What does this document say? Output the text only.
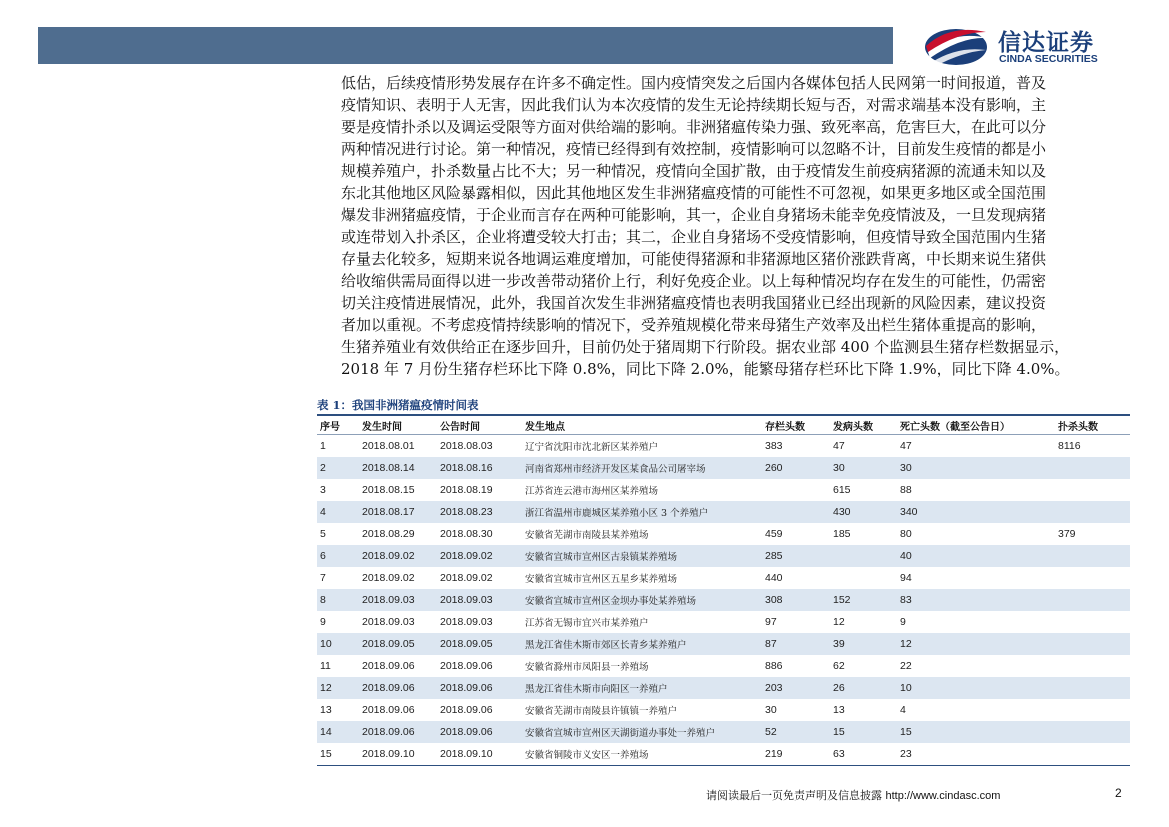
信达证券
CINDA SECURITIES
低估，后续疫情形势发展存在许多不确定性。国内疫情突发之后国内各媒体包括人民网第一时间报道，普及
疫情知识、表明于人无害，因此我们认为本次疫情的发生无论持续期长短与否，对需求端基本没有影响，主
要是疫情扑杀以及调运受限等方面对供给端的影响。非洲猪瘟传染力强、致死率高，危害巨大，在此可以分
两种情况进行讨论。第一种情况，疫情已经得到有效控制，疫情影响可以忽略不计，目前发生疫情的都是小
规模养殖户，扑杀数量占比不大；另一种情况，疫情向全国扩散，由于疫情发生前疫病猪源的流通未知以及
东北其他地区风险暴露相似，因此其他地区发生非洲猪瘟疫情的可能性不可忽视，如果更多地区或全国范围
爆发非洲猪瘟疫情，于企业而言存在两种可能影响，其一，企业自身猪场未能幸免疫情波及，一旦发现病猪
或连带划入扑杀区，企业将遭受较大打击；其二，企业自身猪场不受疫情影响，但疫情导致全国范围内生猪
存量去化较多，短期来说各地调运难度增加，可能使得猪源和非猪源地区猪价涨跌背离，中长期来说生猪供
给收缩供需局面得以进一步改善带动猪价上行，利好免疫企业。以上每种情况均存在发生的可能性，仍需密
切关注疫情进展情况，此外，我国首次发生非洲猪瘟疫情也表明我国猪业已经出现新的风险因素，建议投资
者加以重视。不考虑疫情持续影响的情况下，受养殖规模化带来母猪生产效率及出栏生猪体重提高的影响，
生猪养殖业有效供给正在逐步回升，目前仍处于猪周期下行阶段。据农业部 400 个监测县生猪存栏数据显示，
2018 年 7 月份生猪存栏环比下降 0.8%，同比下降 2.0%，能繁母猪存栏环比下降 1.9%，同比下降 4.0%。
表 1：我国非洲猪瘟疫情时间表
序号	发生时间	公告时间	发生地点	存栏头数	发病头数	死亡头数（截至公告日）	扑杀头数
1	2018.08.01	2018.08.03	辽宁省沈阳市沈北新区某养殖户	383	47	47	8116
2	2018.08.14	2018.08.16	河南省郑州市经济开发区某食品公司屠宰场	260	30	30	
3	2018.08.15	2018.08.19	江苏省连云港市海州区某养殖场		615	88	
4	2018.08.17	2018.08.23	浙江省温州市鹿城区某养殖小区 3 个养殖户		430	340	
5	2018.08.29	2018.08.30	安徽省芜湖市南陵县某养殖场	459	185	80	379
6	2018.09.02	2018.09.02	安徽省宣城市宣州区古泉镇某养殖场	285		40	
7	2018.09.02	2018.09.02	安徽省宣城市宣州区五星乡某养殖场	440		94	
8	2018.09.03	2018.09.03	安徽省宣城市宣州区金坝办事处某养殖场	308	152	83	
9	2018.09.03	2018.09.03	江苏省无锡市宜兴市某养殖户	97	12	9	
10	2018.09.05	2018.09.05	黑龙江省佳木斯市郊区长青乡某养殖户	87	39	12	
11	2018.09.06	2018.09.06	安徽省滁州市凤阳县一养殖场	886	62	22	
12	2018.09.06	2018.09.06	黑龙江省佳木斯市向阳区一养殖户	203	26	10	
13	2018.09.06	2018.09.06	安徽省芜湖市南陵县许镇镇一养殖户	30	13	4	
14	2018.09.06	2018.09.06	安徽省宣城市宣州区天湖街道办事处一养殖户	52	15	15	
15	2018.09.10	2018.09.10	安徽省铜陵市义安区一养殖场	219	63	23	
请阅读最后一页免责声明及信息披露 http://www.cindasc.com	2
